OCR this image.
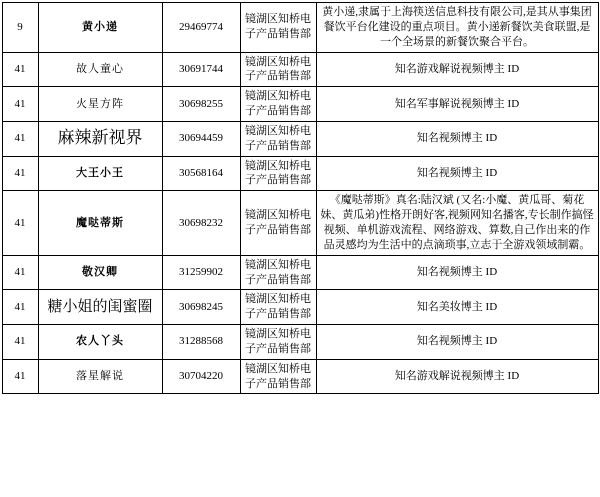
9	黄小递	29469774	镜湖区知桥电子产品销售部	黄小递,隶属于上海筷送信息科技有限公司,是其从事集团餐饮平台化建设的重点项目。黄小递新餐饮美食联盟,是一个全场景的新餐饮聚合平台。
41	故人童心	30691744	镜湖区知桥电子产品销售部	知名游戏解说视频博主 ID
41	火星方阵	30698255	镜湖区知桥电子产品销售部	知名军事解说视频博主 ID
41	麻辣新视界	30694459	镜湖区知桥电子产品销售部	知名视频博主 ID
41	大王小王	30568164	镜湖区知桥电子产品销售部	知名视频博主 ID
41	魔哒蒂斯	30698232	镜湖区知桥电子产品销售部	《魔哒蒂斯》真名:陆汉斌 (又名:小魔、黄瓜哥、菊花妹、黄瓜弟)性格开朗好客,视频网知名播客,专长制作搞怪视频、单机游戏流程、网络游戏、算数,自己作出来的作品灵感均为生活中的点滴琐事,立志于全游戏领域制霸。
41	敬汉卿	31259902	镜湖区知桥电子产品销售部	知名视频博主 ID
41	糖小姐的闺蜜圈	30698245	镜湖区知桥电子产品销售部	知名美妆博主 ID
41	农人丫头	31288568	镜湖区知桥电子产品销售部	知名视频博主 ID
41	落星解说	30704220	镜湖区知桥电子产品销售部	知名游戏解说视频博主 ID
